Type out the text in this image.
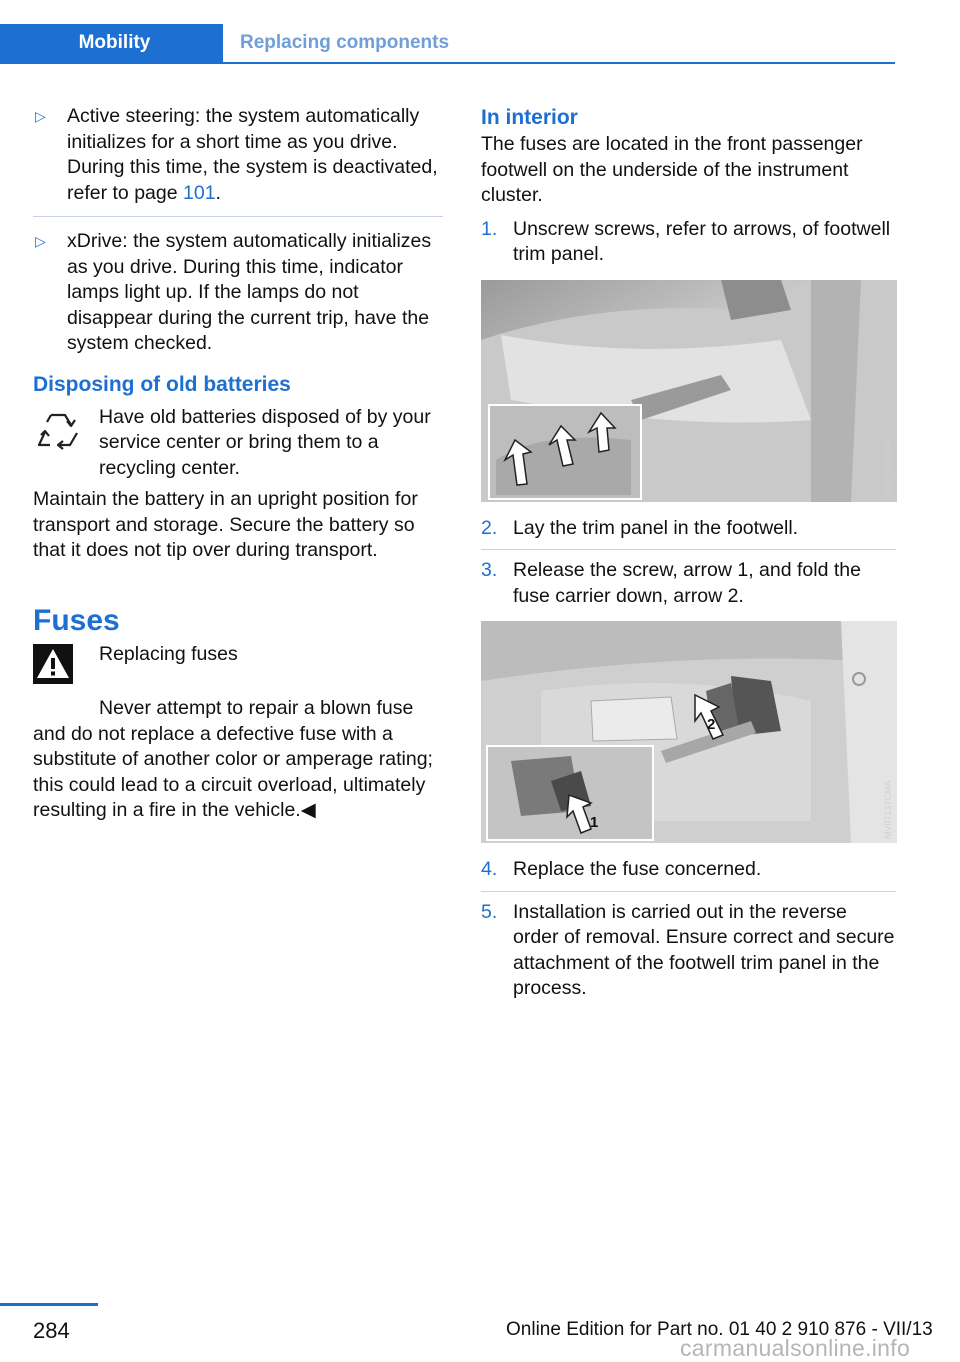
Mobility	Replacing components
▷	Active steering: the system automatically initializes for a short time as you drive. During this time, the system is deactivated, refer to page 101.
▷	xDrive: the system automatically initializes as you drive. During this time, indicator lamps light up. If the lamps do not disappear during the current trip, have the system checked.
Disposing of old batteries
Have old batteries disposed of by your service center or bring them to a recycling center.

Maintain the battery in an upright position for transport and storage. Secure the battery so that it does not tip over during transport.

Fuses
Replacing fuses

Never attempt to repair a blown fuse and do not replace a defective fuse with a substitute of another color or amperage rating; this could lead to a circuit overload, ultimately resulting in a fire in the vehicle.◀

In interior

The fuses are located in the front passenger footwell on the underside of the instrument cluster.

1. Unscrew screws, refer to arrows, of footwell trim panel.
MV07138CMA
2. Lay the trim panel in the footwell.
3. Release the screw, arrow 1, and fold the fuse carrier down, arrow 2.
1
2
MV07137CMA
4. Replace the fuse concerned.
5. Installation is carried out in the reverse order of removal. Ensure correct and secure attachment of the footwell trim panel in the process.
284	Online Edition for Part no. 01 40 2 910 876 - VII/13
carmanualsonline.info
